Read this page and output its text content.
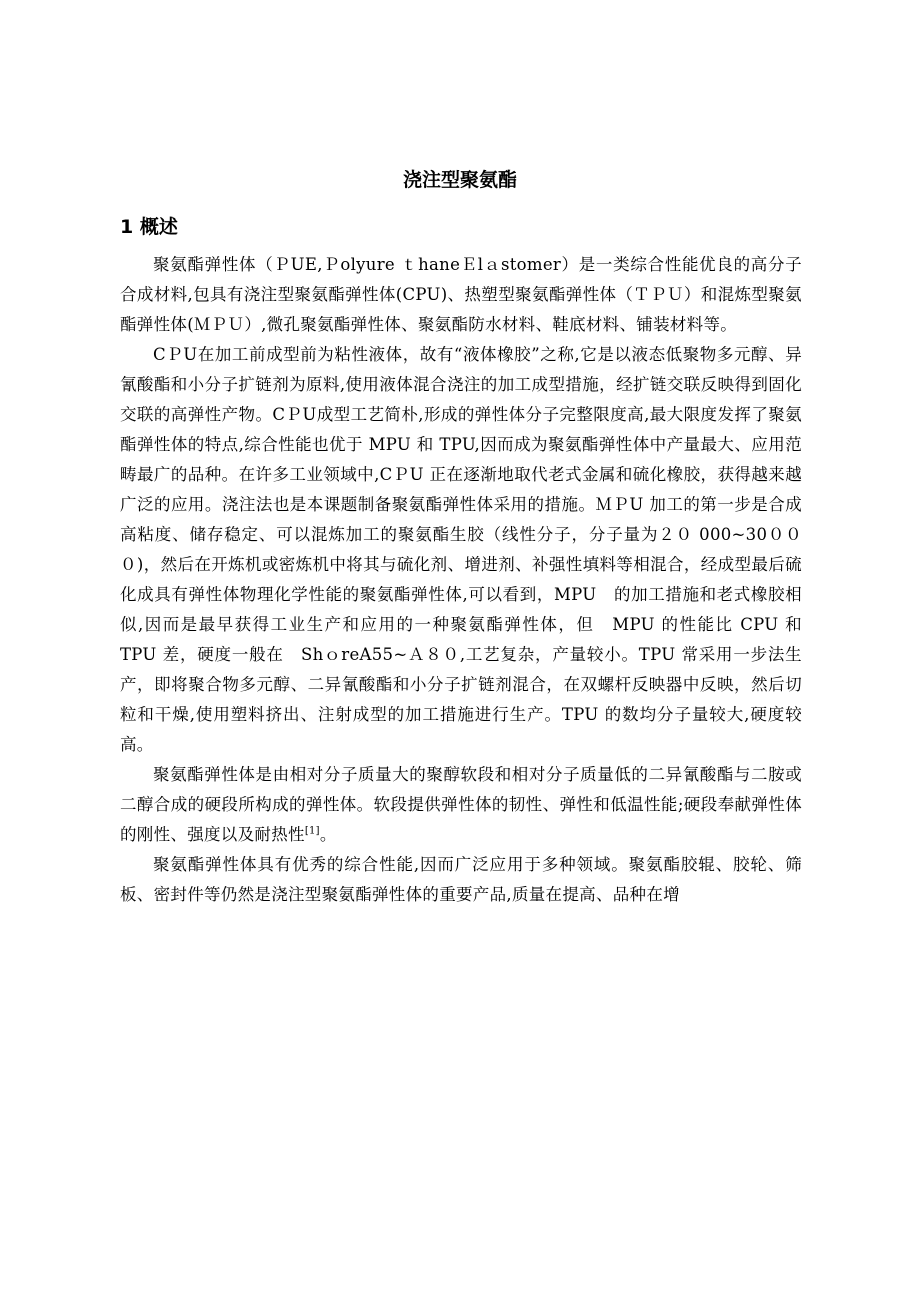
浇注型聚氨酯
1 概述

聚氨酯弹性体（ＰUE,Ｐolyure ｔhaneＥlａstomer）是一类综合性能优良的高分子合成材料,包具有浇注型聚氨酯弹性体(CPU)、热塑型聚氨酯弹性体（ＴＰＵ）和混炼型聚氨酯弹性体(ＭＰＵ）,微孔聚氨酯弹性体、聚氨酯防水材料、鞋底材料、铺装材料等。

CＰU在加工前成型前为粘性液体，故有“液体橡胶”之称,它是以液态低聚物多元醇、异氰酸酯和小分子扩链剂为原料,使用液体混合浇注的加工成型措施，经扩链交联反映得到固化交联的高弹性产物。CＰU成型工艺简朴,形成的弹性体分子完整限度高,最大限度发挥了聚氨酯弹性体的特点,综合性能也优于 MPU 和 TPU,因而成为聚氨酯弹性体中产量最大、应用范畴最广的品种。在许多工业领域中,CＰU 正在逐渐地取代老式金属和硫化橡胶，获得越来越广泛的应用。浇注法也是本课题制备聚氨酯弹性体采用的措施。ＭＰU 加工的第一步是合成高粘度、储存稳定、可以混炼加工的聚氨酯生胶（线性分子，分子量为２０ 000~30０００)，然后在开炼机或密炼机中将其与硫化剂、增进剂、补强性填料等相混合，经成型最后硫化成具有弹性体物理化学性能的聚氨酯弹性体,可以看到，MPU　的加工措施和老式橡胶相似,因而是最早获得工业生产和应用的一种聚氨酯弹性体，但　MPU 的性能比 CPU 和 TPU 差，硬度一般在　ShｏreA55~Ａ８０,工艺复杂，产量较小。TPU 常采用一步法生产，即将聚合物多元醇、二异氰酸酯和小分子扩链剂混合，在双螺杆反映器中反映，然后切粒和干燥,使用塑料挤出、注射成型的加工措施进行生产。TPU 的数均分子量较大,硬度较高。

聚氨酯弹性体是由相对分子质量大的聚醇软段和相对分子质量低的二异氰酸酯与二胺或二醇合成的硬段所构成的弹性体。软段提供弹性体的韧性、弹性和低温性能;硬段奉献弹性体的刚性、强度以及耐热性[1]。

聚氨酯弹性体具有优秀的综合性能,因而广泛应用于多种领域。聚氨酯胶辊、胶轮、筛板、密封件等仍然是浇注型聚氨酯弹性体的重要产品,质量在提高、品种在增
